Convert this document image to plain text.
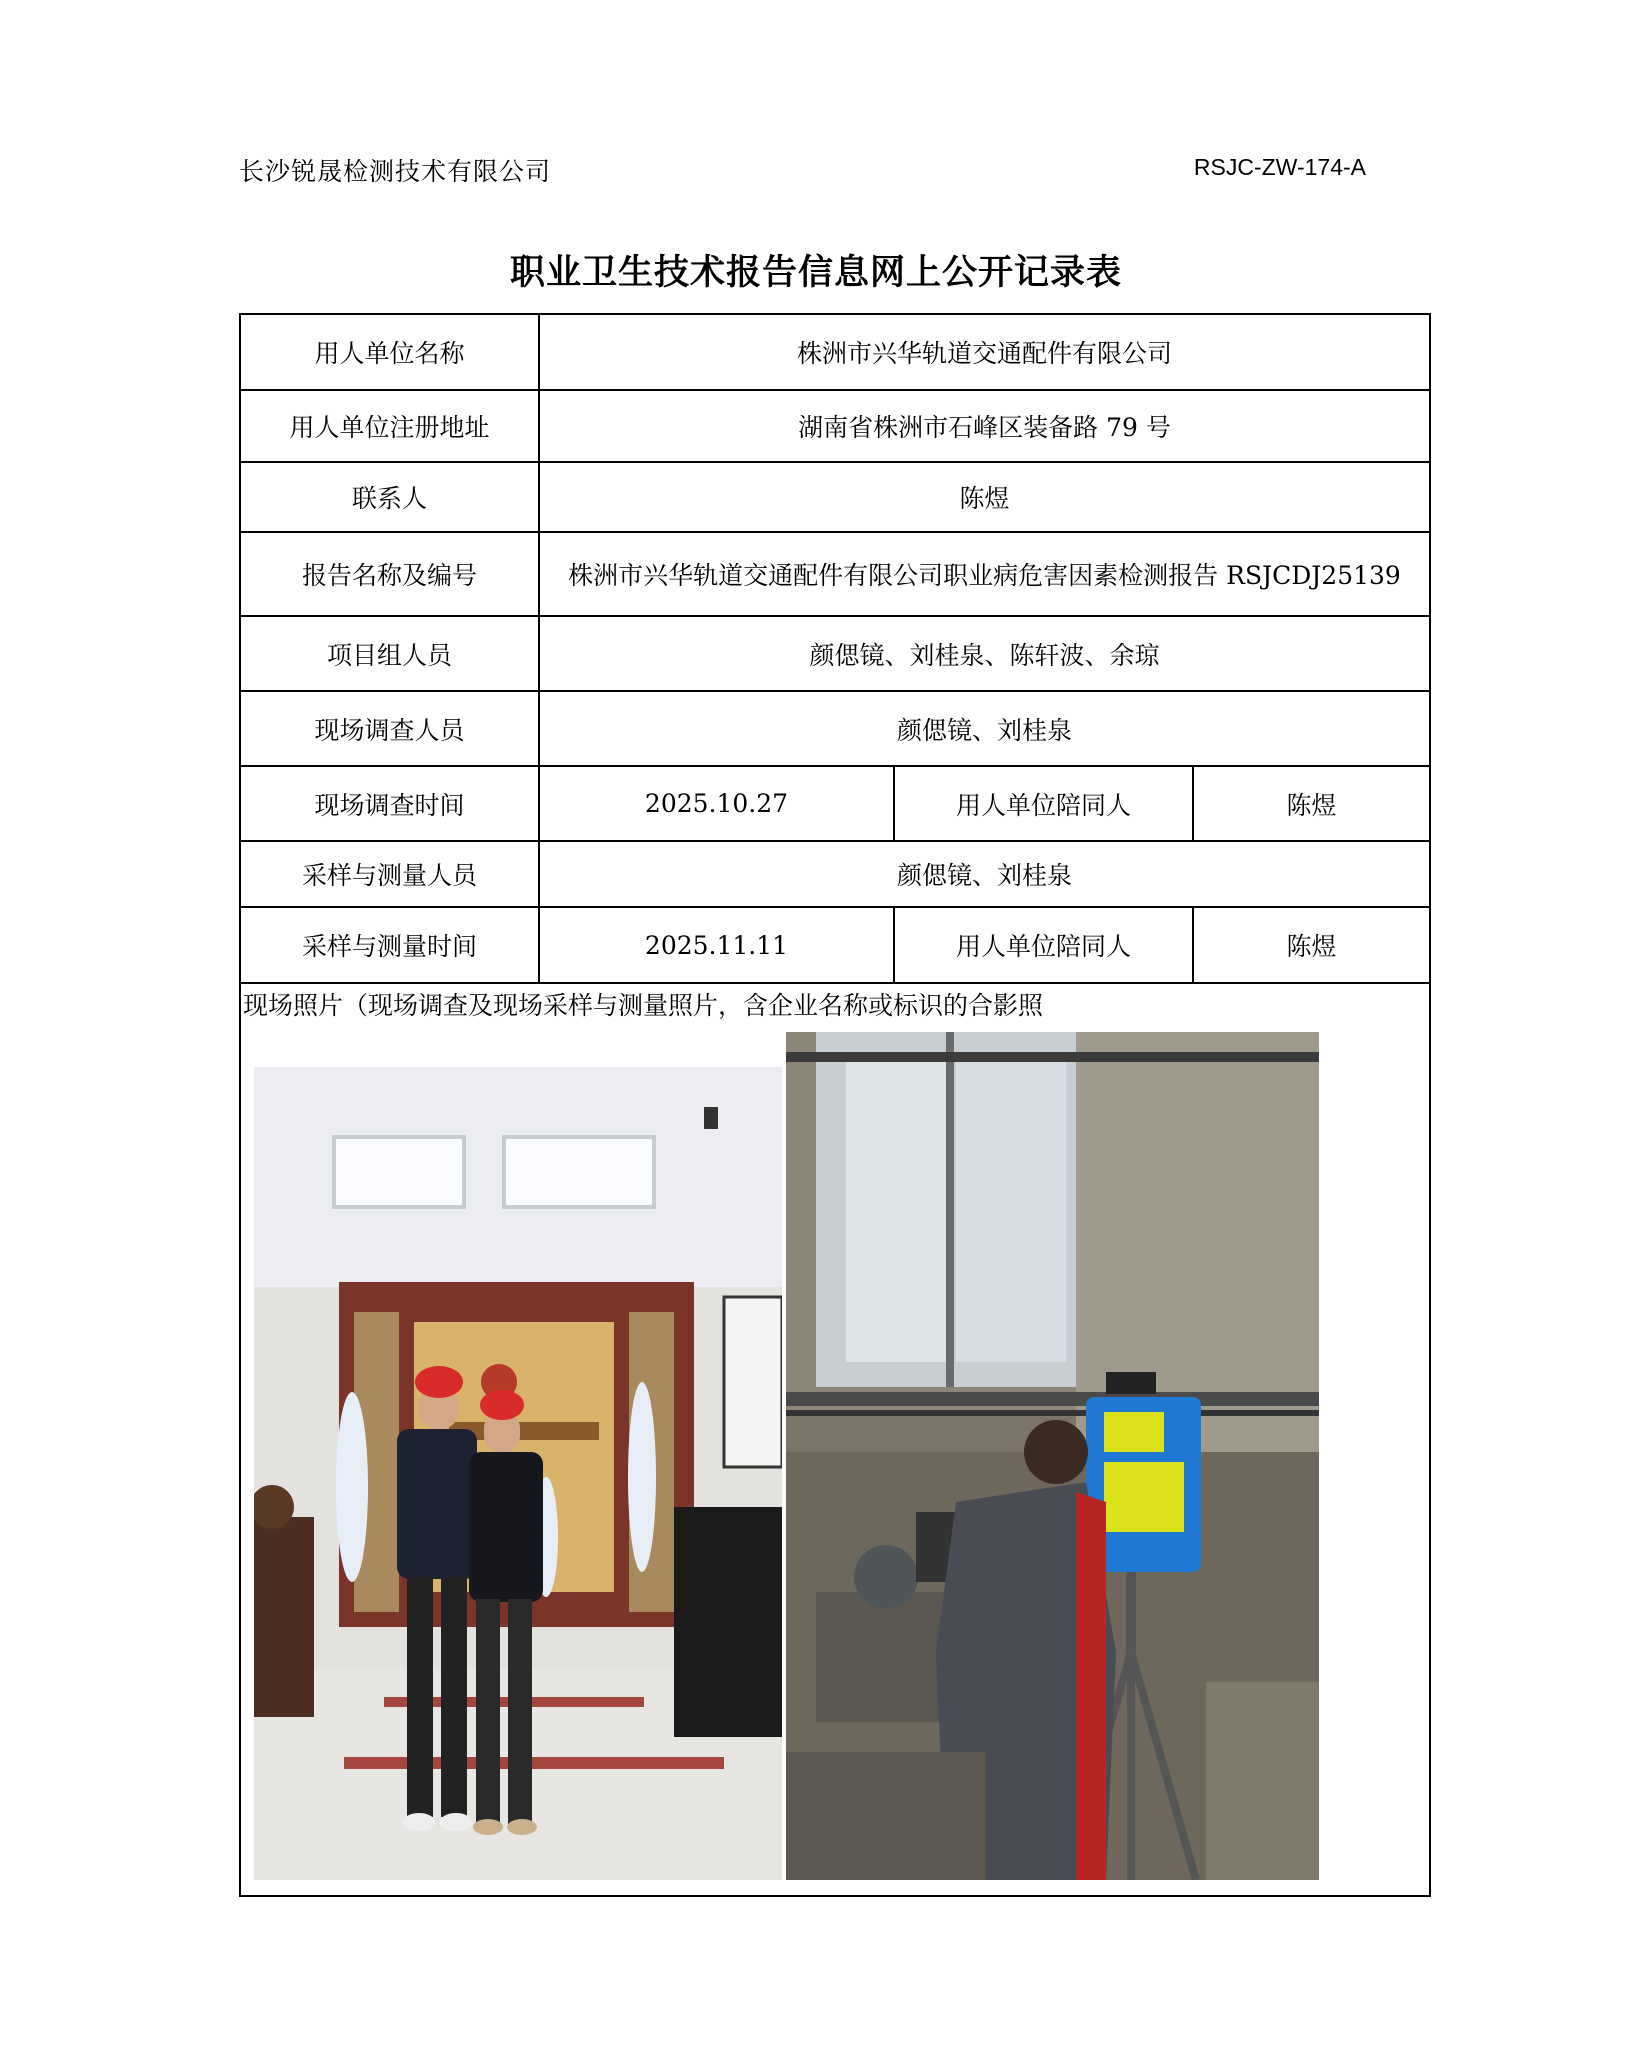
长沙锐晟检测技术有限公司	RSJC-ZW-174-A
职业卫生技术报告信息网上公开记录表
用人单位名称	株洲市兴华轨道交通配件有限公司		
用人单位注册地址	湖南省株洲市石峰区装备路 79 号		
联系人	陈煜		
报告名称及编号	株洲市兴华轨道交通配件有限公司职业病危害因素检测报告 RSJCDJ25139		
项目组人员	颜偲镜、刘桂泉、陈轩波、余琼		
现场调查人员	颜偲镜、刘桂泉		
现场调查时间	2025.10.27	用人单位陪同人	陈煜
采样与测量人员	颜偲镜、刘桂泉		
采样与测量时间	2025.11.11	用人单位陪同人	陈煜

现场照片（现场调查及现场采样与测量照片，含企业名称或标识的合影照			
